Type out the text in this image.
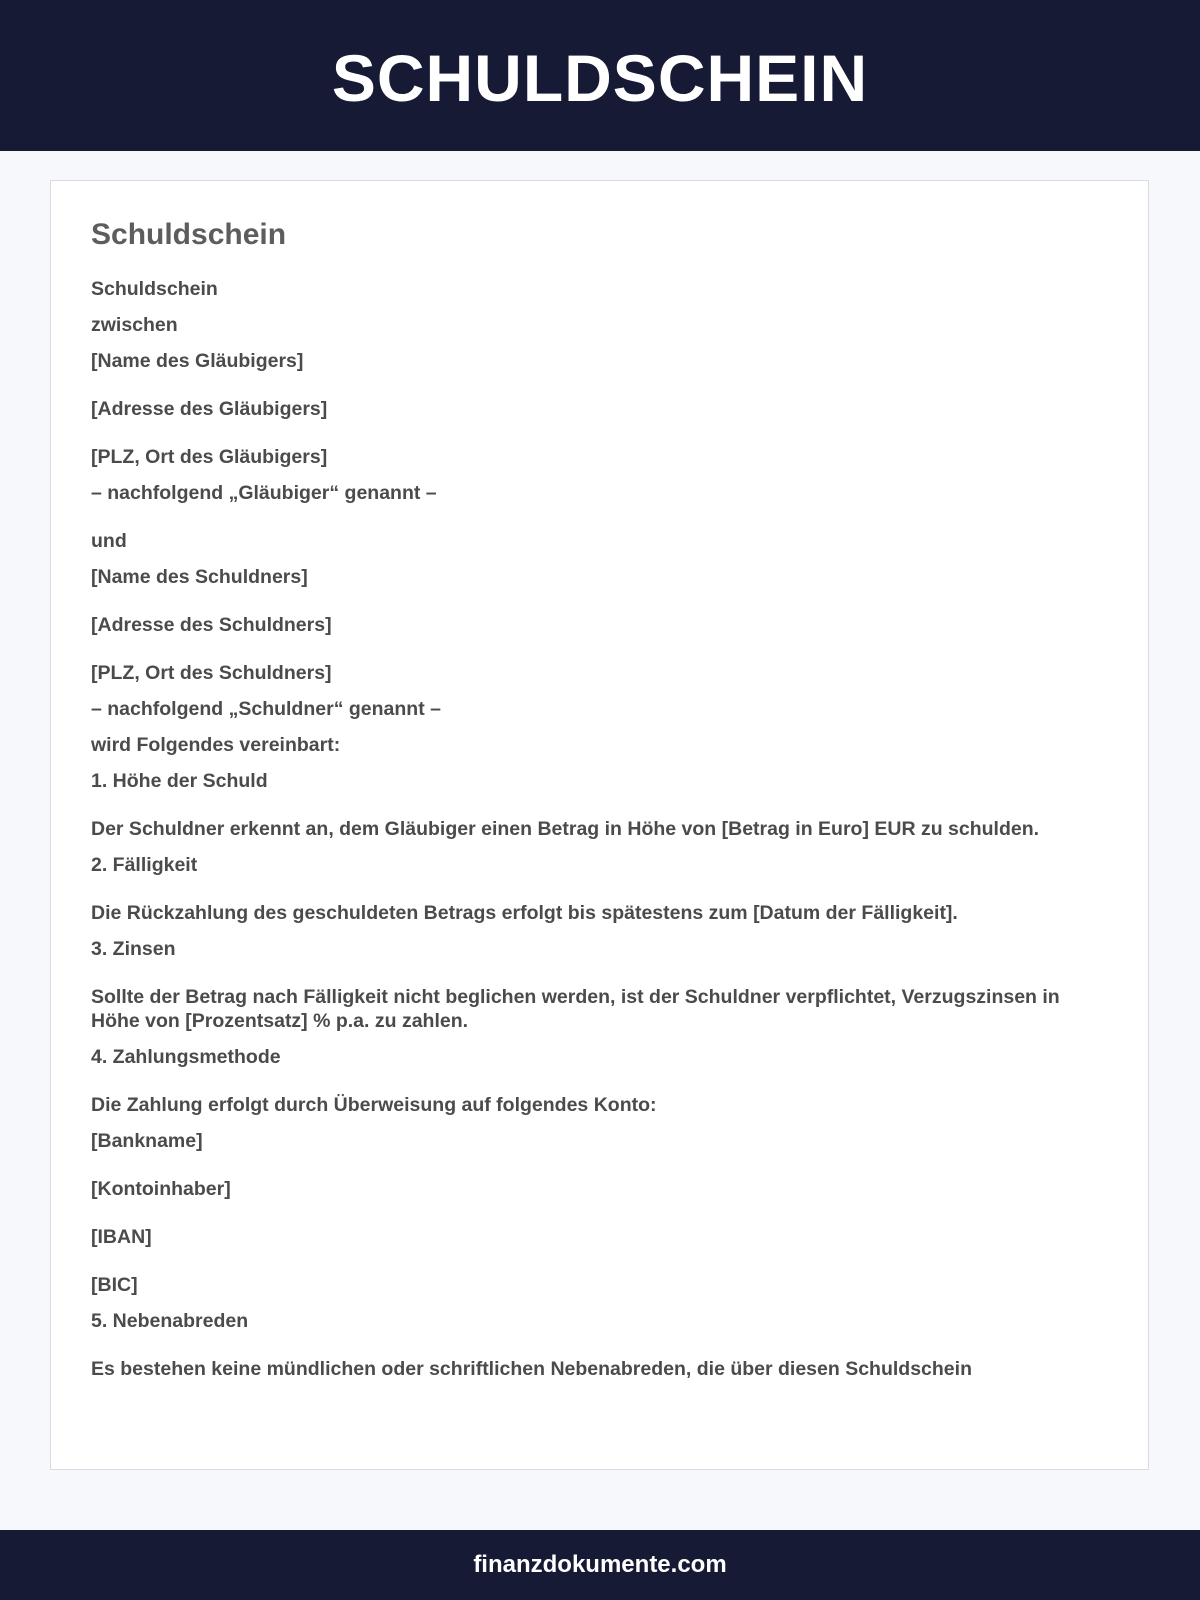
SCHULDSCHEIN
Schuldschein

Schuldschein

zwischen

[Name des Gläubigers]

[Adresse des Gläubigers]

[PLZ, Ort des Gläubigers]

– nachfolgend „Gläubiger“ genannt –

und

[Name des Schuldners]

[Adresse des Schuldners]

[PLZ, Ort des Schuldners]

– nachfolgend „Schuldner“ genannt –

wird Folgendes vereinbart:

1. Höhe der Schuld

Der Schuldner erkennt an, dem Gläubiger einen Betrag in Höhe von [Betrag in Euro] EUR zu schulden.

2. Fälligkeit

Die Rückzahlung des geschuldeten Betrags erfolgt bis spätestens zum [Datum der Fälligkeit].

3. Zinsen

Sollte der Betrag nach Fälligkeit nicht beglichen werden, ist der Schuldner verpflichtet, Verzugszinsen in Höhe von [Prozentsatz] % p.a. zu zahlen.

4. Zahlungsmethode

Die Zahlung erfolgt durch Überweisung auf folgendes Konto:

[Bankname]

[Kontoinhaber]

[IBAN]

[BIC]

5. Nebenabreden

Es bestehen keine mündlichen oder schriftlichen Nebenabreden, die über diesen Schuldschein

finanzdokumente.com
